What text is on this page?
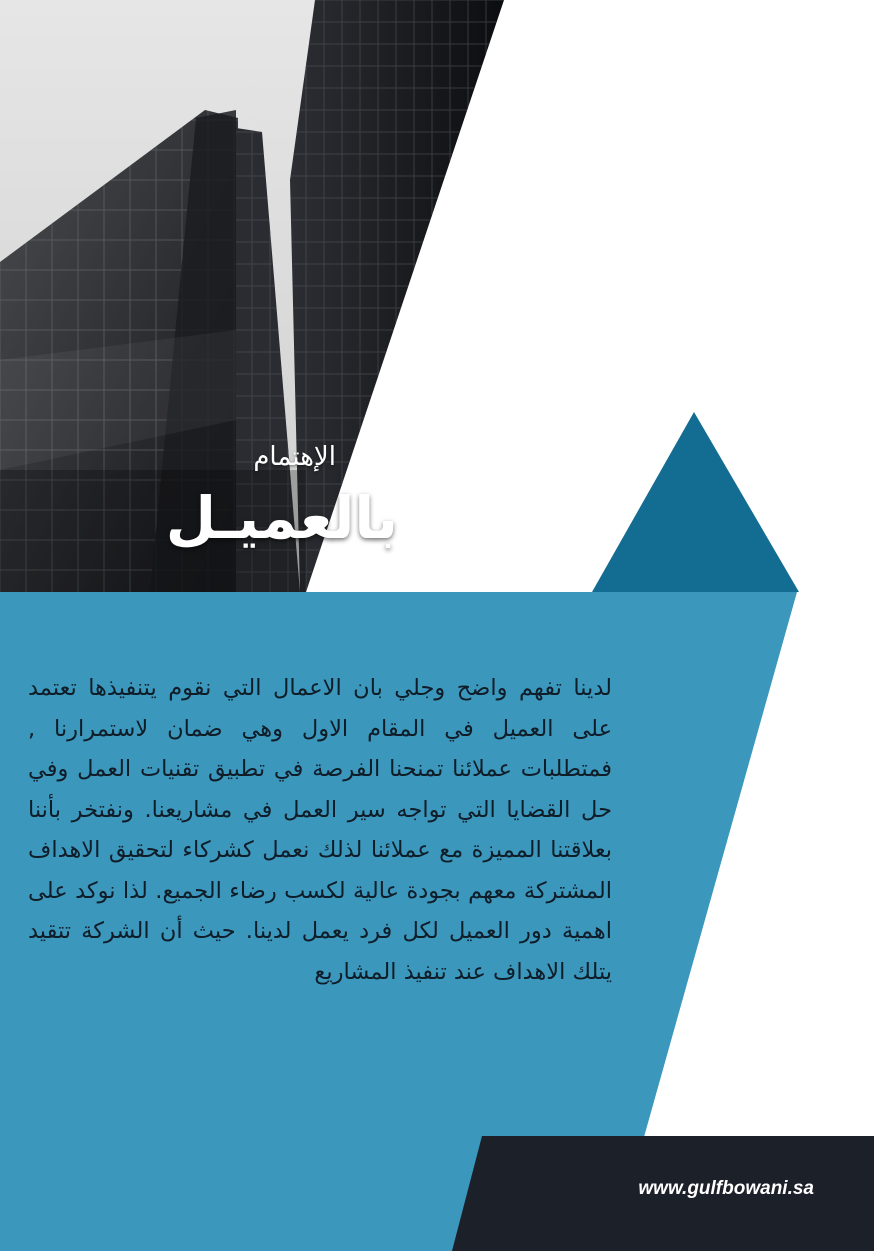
الإهتمام

بالعميـل

لدينا تفهم واضح وجلي بان الاعمال التي نقوم يتنفيذها تعتمد على العميل في المقام الاول وهي ضمان لاستمرارنا , فمتطلبات عملائنا تمنحنا الفرصة في تطبيق تقنيات العمل وفي حل القضايا التي تواجه سير العمل في مشاريعنا. ونفتخر بأننا بعلاقتنا المميزة مع عملائنا لذلك نعمل كشركاء لتحقيق الاهداف المشتركة معهم بجودة عالية لكسب رضاء الجميع. لذا نوكد على اهمية دور العميل لكل فرد يعمل لدينا. حيث أن الشركة تتقيد يتلك الاهداف عند تنفيذ المشاريع

www.gulfbowani.sa
